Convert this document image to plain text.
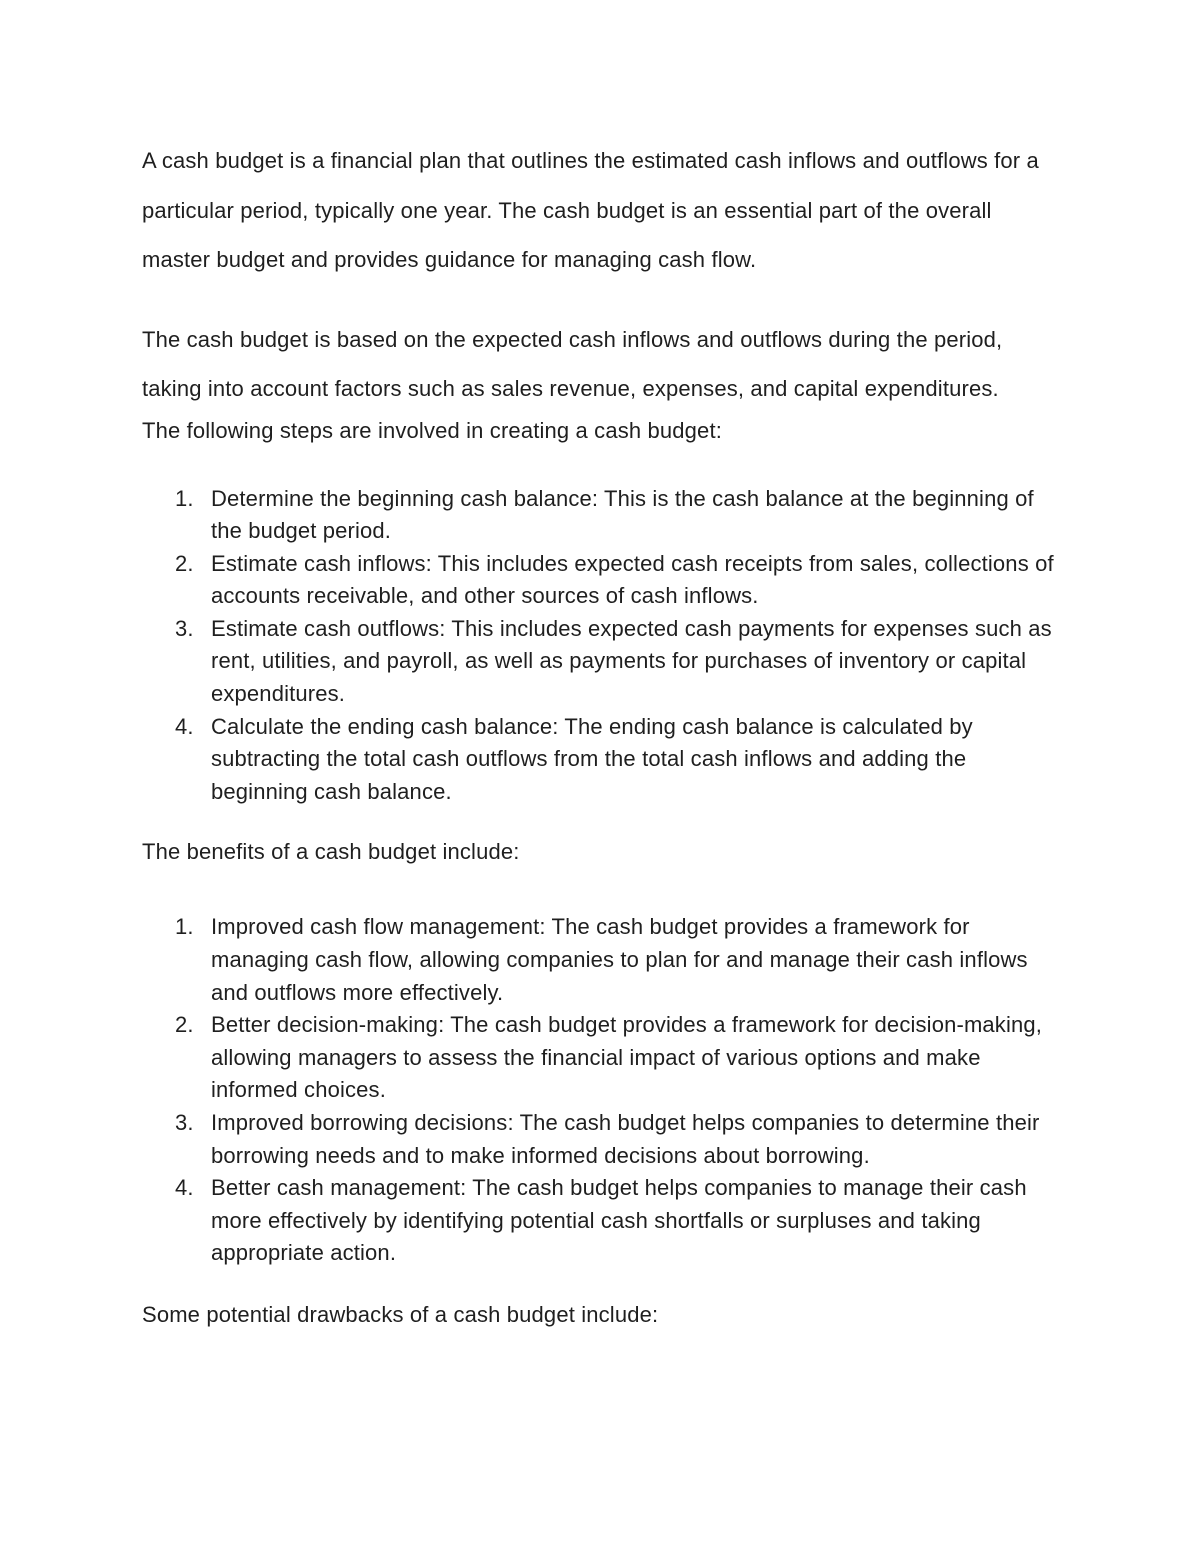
A cash budget is a financial plan that outlines the estimated cash inflows and outflows for a particular period, typically one year. The cash budget is an essential part of the overall master budget and provides guidance for managing cash flow.

The cash budget is based on the expected cash inflows and outflows during the period, taking into account factors such as sales revenue, expenses, and capital expenditures.

The following steps are involved in creating a cash budget:

1. Determine the beginning cash balance: This is the cash balance at the beginning of the budget period.
2. Estimate cash inflows: This includes expected cash receipts from sales, collections of accounts receivable, and other sources of cash inflows.
3. Estimate cash outflows: This includes expected cash payments for expenses such as rent, utilities, and payroll, as well as payments for purchases of inventory or capital expenditures.
4. Calculate the ending cash balance: The ending cash balance is calculated by subtracting the total cash outflows from the total cash inflows and adding the beginning cash balance.

The benefits of a cash budget include:

1. Improved cash flow management: The cash budget provides a framework for managing cash flow, allowing companies to plan for and manage their cash inflows and outflows more effectively.
2. Better decision-making: The cash budget provides a framework for decision-making, allowing managers to assess the financial impact of various options and make informed choices.
3. Improved borrowing decisions: The cash budget helps companies to determine their borrowing needs and to make informed decisions about borrowing.
4. Better cash management: The cash budget helps companies to manage their cash more effectively by identifying potential cash shortfalls or surpluses and taking appropriate action.

Some potential drawbacks of a cash budget include:
